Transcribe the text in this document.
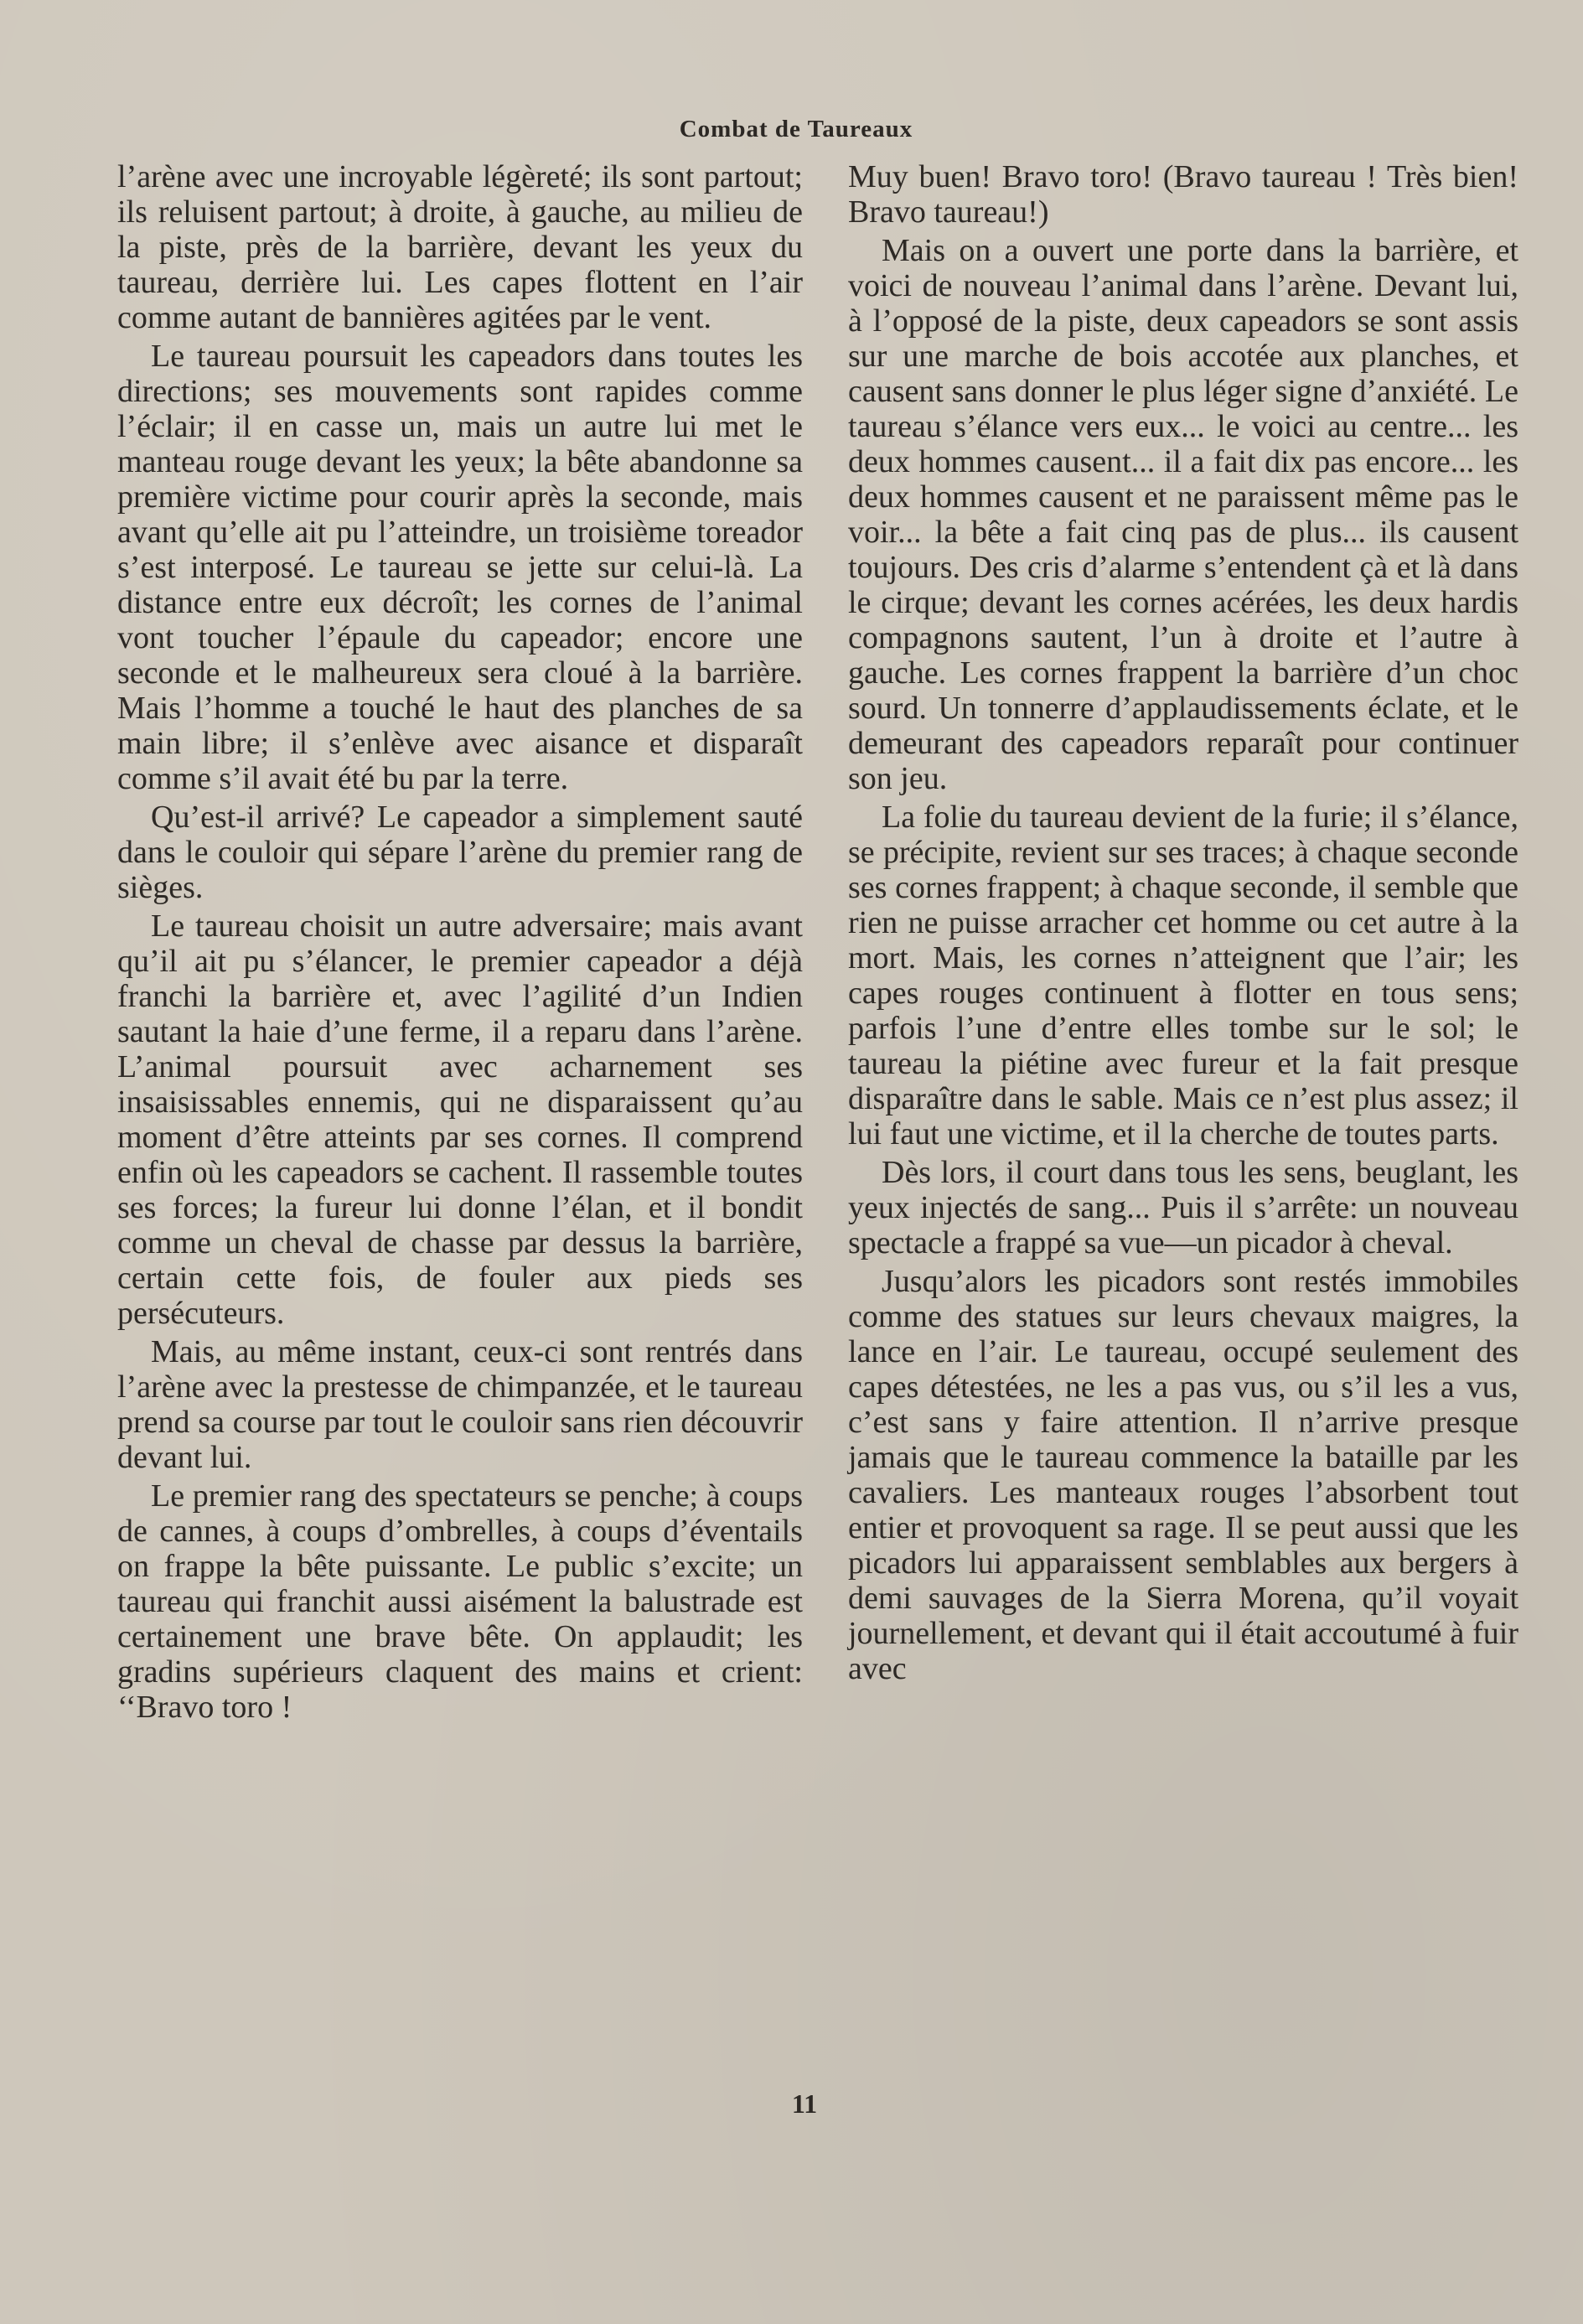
Combat de Taureaux

l’arène avec une incroyable légèreté; ils sont partout; ils reluisent partout; à droite, à gauche, au milieu de la piste, près de la barrière, devant les yeux du taureau, derrière lui. Les capes flottent en l’air comme autant de bannières agitées par le vent.

Le taureau poursuit les capeadors dans toutes les directions; ses mouvements sont rapides comme l’éclair; il en casse un, mais un autre lui met le manteau rouge devant les yeux; la bête abandonne sa première victime pour courir après la seconde, mais avant qu’elle ait pu l’atteindre, un troisième toreador s’est interposé. Le taureau se jette sur celui-là. La distance entre eux décroît; les cornes de l’animal vont toucher l’épaule du capeador; encore une seconde et le malheureux sera cloué à la barrière. Mais l’homme a touché le haut des planches de sa main libre; il s’enlève avec aisance et disparaît comme s’il avait été bu par la terre.

Qu’est-il arrivé? Le capeador a simplement sauté dans le couloir qui sépare l’arène du premier rang de sièges.

Le taureau choisit un autre adversaire; mais avant qu’il ait pu s’élancer, le premier capeador a déjà franchi la barrière et, avec l’agilité d’un Indien sautant la haie d’une ferme, il a reparu dans l’arène. L’animal poursuit avec acharnement ses insaisissables ennemis, qui ne disparaissent qu’au moment d’être atteints par ses cornes. Il comprend enfin où les capeadors se cachent. Il rassemble toutes ses forces; la fureur lui donne l’élan, et il bondit comme un cheval de chasse par dessus la barrière, certain cette fois, de fouler aux pieds ses persécuteurs.

Mais, au même instant, ceux-ci sont rentrés dans l’arène avec la prestesse de chimpanzée, et le taureau prend sa course par tout le couloir sans rien découvrir devant lui.

Le premier rang des spectateurs se penche; à coups de cannes, à coups d’ombrelles, à coups d’éventails on frappe la bête puissante. Le public s’excite; un taureau qui franchit aussi aisément la balustrade est certainement une brave bête. On applaudit; les gradins supérieurs claquent des mains et crient: ‘‘Bravo toro !

Muy buen! Bravo toro! (Bravo taureau ! Très bien! Bravo taureau!)

Mais on a ouvert une porte dans la barrière, et voici de nouveau l’animal dans l’arène. Devant lui, à l’opposé de la piste, deux capeadors se sont assis sur une marche de bois accotée aux planches, et causent sans donner le plus léger signe d’anxiété. Le taureau s’élance vers eux... le voici au centre... les deux hommes causent... il a fait dix pas encore... les deux hommes causent et ne paraissent même pas le voir... la bête a fait cinq pas de plus... ils causent toujours. Des cris d’alarme s’entendent çà et là dans le cirque; devant les cornes acérées, les deux hardis compagnons sautent, l’un à droite et l’autre à gauche. Les cornes frappent la barrière d’un choc sourd. Un tonnerre d’applaudissements éclate, et le demeurant des capeadors reparaît pour continuer son jeu.

La folie du taureau devient de la furie; il s’élance, se précipite, revient sur ses traces; à chaque seconde ses cornes frappent; à chaque seconde, il semble que rien ne puisse arracher cet homme ou cet autre à la mort. Mais, les cornes n’atteignent que l’air; les capes rouges continuent à flotter en tous sens; parfois l’une d’entre elles tombe sur le sol; le taureau la piétine avec fureur et la fait presque disparaître dans le sable. Mais ce n’est plus assez; il lui faut une victime, et il la cherche de toutes parts.

Dès lors, il court dans tous les sens, beuglant, les yeux injectés de sang... Puis il s’arrête: un nouveau spectacle a frappé sa vue—un picador à cheval.

Jusqu’alors les picadors sont restés immobiles comme des statues sur leurs chevaux maigres, la lance en l’air. Le taureau, occupé seulement des capes détestées, ne les a pas vus, ou s’il les a vus, c’est sans y faire attention. Il n’arrive presque jamais que le taureau commence la bataille par les cavaliers. Les manteaux rouges l’absorbent tout entier et provoquent sa rage. Il se peut aussi que les picadors lui apparaissent semblables aux bergers à demi sauvages de la Sierra Morena, qu’il voyait journellement, et devant qui il était accoutumé à fuir avec

11
